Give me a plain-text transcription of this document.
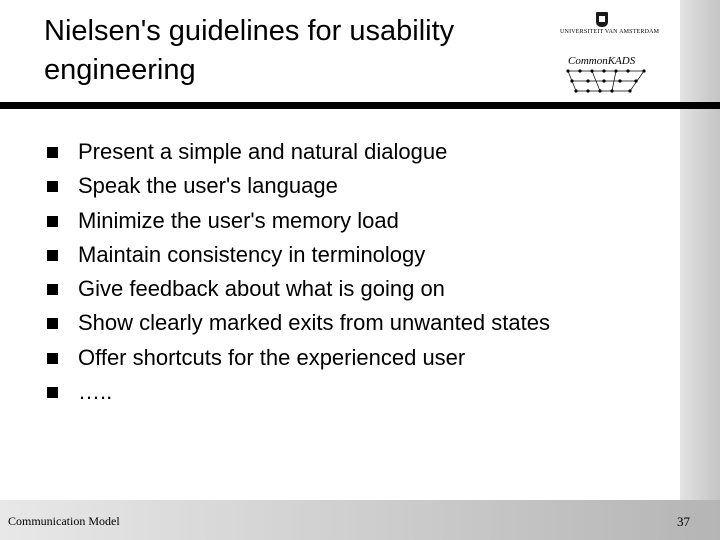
Nielsen's guidelines for usability engineering
UNIVERSITEIT VAN AMSTERDAM
CommonKADS
Present a simple and natural dialogue
Speak the user's language
Minimize the user's memory load
Maintain consistency in terminology
Give feedback about what is going on
Show clearly marked exits from unwanted states
Offer shortcuts for the experienced user
…..
Communication Model	37
